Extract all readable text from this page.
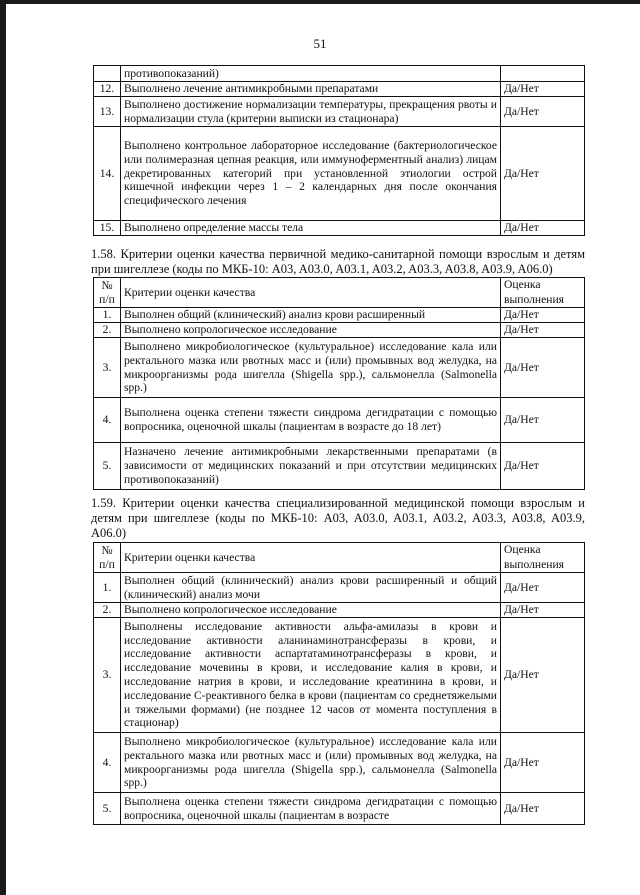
51
	противопоказаний)	
12.	Выполнено лечение антимикробными препаратами	Да/Нет
13.	Выполнено достижение нормализации температуры, прекращения рвоты и нормализации стула (критерии выписки из стационара)	Да/Нет
14.	Выполнено контрольное лабораторное исследование (бактериологическое или полимеразная цепная реакция, или иммуноферментный анализ) лицам декретированных категорий при установленной этиологии острой кишечной инфекции через 1 – 2 календарных дня после окончания специфического лечения	Да/Нет
15.	Выполнено определение массы тела	Да/Нет
1.58. Критерии оценки качества первичной медико-санитарной помощи взрослым и детям при шигеллезе (коды по МКБ-10: A03, A03.0, A03.1, A03.2, A03.3, A03.8, A03.9, A06.0)
№ п/п	Критерии оценки качества	Оценка выполнения
1.	Выполнен общий (клинический) анализ крови расширенный	Да/Нет
2.	Выполнено копрологическое исследование	Да/Нет
3.	Выполнено микробиологическое (культуральное) исследование кала или ректального мазка или рвотных масс и (или) промывных вод желудка, на микроорганизмы рода шигелла (Shigella spp.), сальмонелла (Salmonella spp.)	Да/Нет
4.	Выполнена оценка степени тяжести синдрома дегидратации с помощью вопросника, оценочной шкалы (пациентам в возрасте до 18 лет)	Да/Нет
5.	Назначено лечение антимикробными лекарственными препаратами (в зависимости от медицинских показаний и при отсутствии медицинских противопоказаний)	Да/Нет
1.59. Критерии оценки качества специализированной медицинской помощи взрослым и детям при шигеллезе (коды по МКБ-10: A03, A03.0, A03.1, A03.2, A03.3, A03.8, A03.9, A06.0)
№ п/п	Критерии оценки качества	Оценка выполнения
1.	Выполнен общий (клинический) анализ крови расширенный и общий (клинический) анализ мочи	Да/Нет
2.	Выполнено копрологическое исследование	Да/Нет
3.	Выполнены исследование активности альфа-амилазы в крови и исследование активности аланинаминотрансферазы в крови, и исследование активности аспартатаминотрансферазы в крови, и исследование мочевины в крови, и исследование калия в крови, и исследование натрия в крови, и исследование креатинина в крови, и исследование C-реактивного белка в крови (пациентам со среднетяжелыми и тяжелыми формами) (не позднее 12 часов от момента поступления в стационар)	Да/Нет
4.	Выполнено микробиологическое (культуральное) исследование кала или ректального мазка или рвотных масс и (или) промывных вод желудка, на микроорганизмы рода шигелла (Shigella spp.), сальмонелла (Salmonella spp.)	Да/Нет
5.	Выполнена оценка степени тяжести синдрома дегидратации с помощью вопросника, оценочной шкалы (пациентам в возрасте	Да/Нет
